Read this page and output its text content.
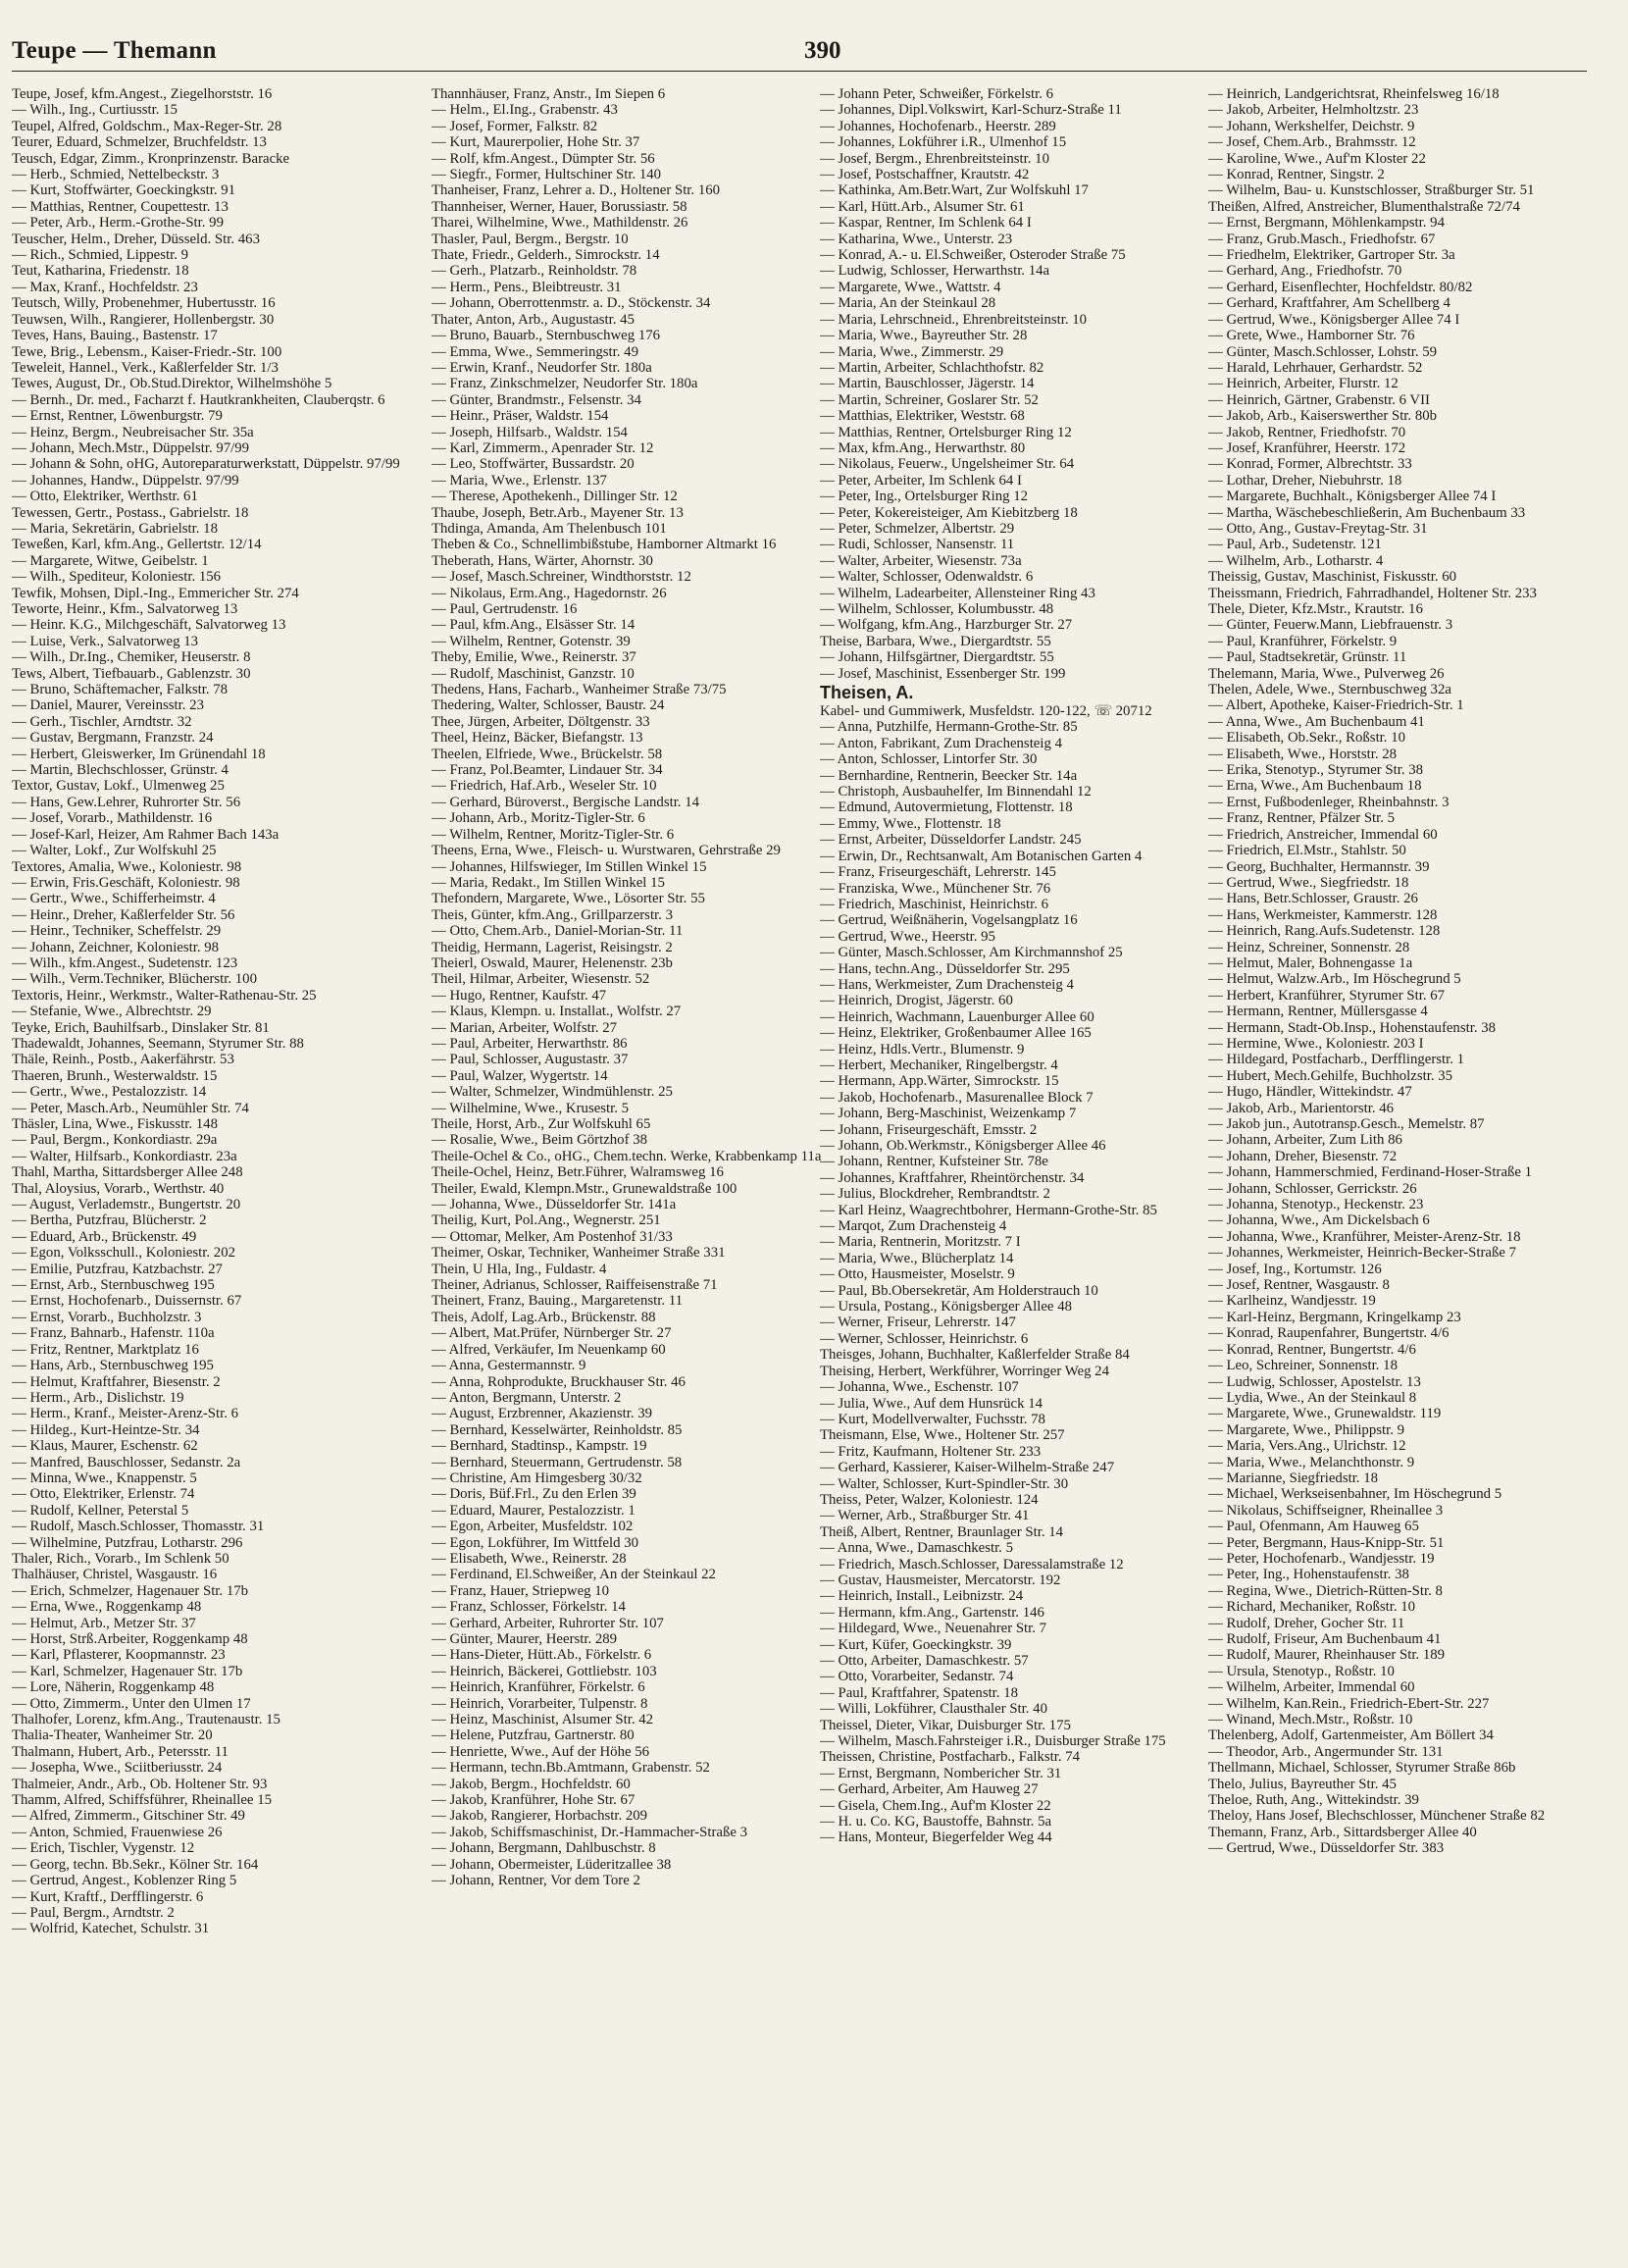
Teupe — Themann	390
Teupe, Josef, kfm.Angest., Ziegelhorststr. 16
— Wilh., Ing., Curtiusstr. 15
Teupel, Alfred, Goldschm., Max-Reger-Str. 28
Teurer, Eduard, Schmelzer, Bruchfeldstr. 13
Teusch, Edgar, Zimm., Kronprinzenstr. Baracke
— Herb., Schmied, Nettelbeckstr. 3
— Kurt, Stoffwärter, Goeckingkstr. 91
— Matthias, Rentner, Coupettestr. 13
— Peter, Arb., Herm.-Grothe-Str. 99
Teuscher, Helm., Dreher, Düsseld. Str. 463
— Rich., Schmied, Lippestr. 9
Teut, Katharina, Friedenstr. 18
— Max, Kranf., Hochfeldstr. 23
Teutsch, Willy, Probenehmer, Hubertusstr. 16
Teuwsen, Wilh., Rangierer, Hollenbergstr. 30
Teves, Hans, Bauing., Bastenstr. 17
Tewe, Brig., Lebensm., Kaiser-Friedr.-Str. 100
Teweleit, Hannel., Verk., Kaßlerfelder Str. 1/3
Tewes, August, Dr., Ob.Stud.Direktor, Wilhelmshöhe 5
— Bernh., Dr. med., Facharzt f. Hautkrankheiten, Clauberqstr. 6
— Ernst, Rentner, Löwenburgstr. 79
— Heinz, Bergm., Neubreisacher Str. 35a
— Johann, Mech.Mstr., Düppelstr. 97/99
— Johann & Sohn, oHG, Autoreparaturwerkstatt, Düppelstr. 97/99
— Johannes, Handw., Düppelstr. 97/99
— Otto, Elektriker, Werthstr. 61
Tewessen, Gertr., Postass., Gabrielstr. 18
— Maria, Sekretärin, Gabrielstr. 18
Teweßen, Karl, kfm.Ang., Gellertstr. 12/14
— Margarete, Witwe, Geibelstr. 1
— Wilh., Spediteur, Koloniestr. 156
Tewfik, Mohsen, Dipl.-Ing., Emmericher Str. 274
Teworte, Heinr., Kfm., Salvatorweg 13
— Heinr. K.G., Milchgeschäft, Salvatorweg 13
— Luise, Verk., Salvatorweg 13
— Wilh., Dr.Ing., Chemiker, Heuserstr. 8
Tews, Albert, Tiefbauarb., Gablenzstr. 30
— Bruno, Schäftemacher, Falkstr. 78
— Daniel, Maurer, Vereinsstr. 23
— Gerh., Tischler, Arndtstr. 32
— Gustav, Bergmann, Franzstr. 24
— Herbert, Gleiswerker, Im Grünendahl 18
— Martin, Blechschlosser, Grünstr. 4
Textor, Gustav, Lokf., Ulmenweg 25
— Hans, Gew.Lehrer, Ruhrorter Str. 56
— Josef, Vorarb., Mathildenstr. 16
— Josef-Karl, Heizer, Am Rahmer Bach 143a
— Walter, Lokf., Zur Wolfskuhl 25
Textores, Amalia, Wwe., Koloniestr. 98
— Erwin, Fris.Geschäft, Koloniestr. 98
— Gertr., Wwe., Schifferheimstr. 4
— Heinr., Dreher, Kaßlerfelder Str. 56
— Heinr., Techniker, Scheffelstr. 29
— Johann, Zeichner, Koloniestr. 98
— Wilh., kfm.Angest., Sudetenstr. 123
— Wilh., Verm.Techniker, Blücherstr. 100
Textoris, Heinr., Werkmstr., Walter-Rathenau-Str. 25
— Stefanie, Wwe., Albrechtstr. 29
Teyke, Erich, Bauhilfsarb., Dinslaker Str. 81
Thadewaldt, Johannes, Seemann, Styrumer Str. 88
Thäle, Reinh., Postb., Aakerfährstr. 53
Thaeren, Brunh., Westerwaldstr. 15
— Gertr., Wwe., Pestalozzistr. 14
— Peter, Masch.Arb., Neumühler Str. 74
Thäsler, Lina, Wwe., Fiskusstr. 148
— Paul, Bergm., Konkordiastr. 29a
— Walter, Hilfsarb., Konkordiastr. 23a
Thahl, Martha, Sittardsberger Allee 248
Thal, Aloysius, Vorarb., Werthstr. 40
— August, Verlademstr., Bungertstr. 20
— Bertha, Putzfrau, Blücherstr. 2
— Eduard, Arb., Brückenstr. 49
— Egon, Volksschull., Koloniestr. 202
— Emilie, Putzfrau, Katzbachstr. 27
— Ernst, Arb., Sternbuschweg 195
— Ernst, Hochofenarb., Duissernstr. 67
— Ernst, Vorarb., Buchholzstr. 3
— Franz, Bahnarb., Hafenstr. 110a
— Fritz, Rentner, Marktplatz 16
— Hans, Arb., Sternbuschweg 195
— Helmut, Kraftfahrer, Biesenstr. 2
— Herm., Arb., Dislichstr. 19
— Herm., Kranf., Meister-Arenz-Str. 6
— Hildeg., Kurt-Heintze-Str. 34
— Klaus, Maurer, Eschenstr. 62
— Manfred, Bauschlosser, Sedanstr. 2a
— Minna, Wwe., Knappenstr. 5
— Otto, Elektriker, Erlenstr. 74
— Rudolf, Kellner, Peterstal 5
— Rudolf, Masch.Schlosser, Thomasstr. 31
— Wilhelmine, Putzfrau, Lotharstr. 296
Thaler, Rich., Vorarb., Im Schlenk 50
Thalhäuser, Christel, Wasgaustr. 16
— Erich, Schmelzer, Hagenauer Str. 17b
— Erna, Wwe., Roggenkamp 48
— Helmut, Arb., Metzer Str. 37
— Horst, Strß.Arbeiter, Roggenkamp 48
— Karl, Pflasterer, Koopmannstr. 23
— Karl, Schmelzer, Hagenauer Str. 17b
— Lore, Näherin, Roggenkamp 48
— Otto, Zimmerm., Unter den Ulmen 17
Thalhofer, Lorenz, kfm.Ang., Trautenaustr. 15
Thalia-Theater, Wanheimer Str. 20
Thalmann, Hubert, Arb., Petersstr. 11
— Josepha, Wwe., Sciitberiusstr. 24
Thalmeier, Andr., Arb., Ob. Holtener Str. 93
Thamm, Alfred, Schiffsführer, Rheinallee 15
— Alfred, Zimmerm., Gitschiner Str. 49
— Anton, Schmied, Frauenwiese 26
— Erich, Tischler, Vygenstr. 12
— Georg, techn. Bb.Sekr., Kölner Str. 164
— Gertrud, Angest., Koblenzer Ring 5
— Kurt, Kraftf., Derfflingerstr. 6
— Paul, Bergm., Arndtstr. 2
— Wolfrid, Katechet, Schulstr. 31
Thannhäuser, Franz, Anstr., Im Siepen 6
— Helm., El.Ing., Grabenstr. 43
— Josef, Former, Falkstr. 82
— Kurt, Maurerpolier, Hohe Str. 37
— Rolf, kfm.Angest., Dümpter Str. 56
— Siegfr., Former, Hultschiner Str. 140
Thanheiser, Franz, Lehrer a. D., Holtener Str. 160
Thannheiser, Werner, Hauer, Borussiastr. 58
Tharei, Wilhelmine, Wwe., Mathildenstr. 26
Thasler, Paul, Bergm., Bergstr. 10
Thate, Friedr., Gelderh., Simrockstr. 14
— Gerh., Platzarb., Reinholdstr. 78
— Herm., Pens., Bleibtreustr. 31
— Johann, Oberrottenmstr. a. D., Stöckenstr. 34
Thater, Anton, Arb., Augustastr. 45
— Bruno, Bauarb., Sternbuschweg 176
— Emma, Wwe., Semmeringstr. 49
— Erwin, Kranf., Neudorfer Str. 180a
— Franz, Zinkschmelzer, Neudorfer Str. 180a
— Günter, Brandmstr., Felsenstr. 34
— Heinr., Präser, Waldstr. 154
— Joseph, Hilfsarb., Waldstr. 154
— Karl, Zimmerm., Apenrader Str. 12
— Leo, Stoffwärter, Bussardstr. 20
— Maria, Wwe., Erlenstr. 137
— Therese, Apothekenh., Dillinger Str. 12
Thaube, Joseph, Betr.Arb., Mayener Str. 13
Thdinga, Amanda, Am Thelenbusch 101
Theben & Co., Schnellimbißstube, Hamborner Altmarkt 16
Theberath, Hans, Wärter, Ahornstr. 30
— Josef, Masch.Schreiner, Windthorststr. 12
— Nikolaus, Erm.Ang., Hagedornstr. 26
— Paul, Gertrudenstr. 16
— Paul, kfm.Ang., Elsässer Str. 14
— Wilhelm, Rentner, Gotenstr. 39
Theby, Emilie, Wwe., Reinerstr. 37
— Rudolf, Maschinist, Ganzstr. 10
Thedens, Hans, Facharb., Wanheimer Straße 73/75
Thedering, Walter, Schlosser, Baustr. 24
Thee, Jürgen, Arbeiter, Döltgenstr. 33
Theel, Heinz, Bäcker, Biefangstr. 13
Theelen, Elfriede, Wwe., Brückelstr. 58
— Franz, Pol.Beamter, Lindauer Str. 34
— Friedrich, Haf.Arb., Weseler Str. 10
— Gerhard, Büroverst., Bergische Landstr. 14
— Johann, Arb., Moritz-Tigler-Str. 6
— Wilhelm, Rentner, Moritz-Tigler-Str. 6
Theens, Erna, Wwe., Fleisch- u. Wurstwaren, Gehrstraße 29
— Johannes, Hilfswieger, Im Stillen Winkel 15
— Maria, Redakt., Im Stillen Winkel 15
Thefondern, Margarete, Wwe., Lösorter Str. 55
Theis, Günter, kfm.Ang., Grillparzerstr. 3
— Otto, Chem.Arb., Daniel-Morian-Str. 11
Theidig, Hermann, Lagerist, Reisingstr. 2
Theierl, Oswald, Maurer, Helenenstr. 23b
Theil, Hilmar, Arbeiter, Wiesenstr. 52
— Hugo, Rentner, Kaufstr. 47
— Klaus, Klempn. u. Installat., Wolfstr. 27
— Marian, Arbeiter, Wolfstr. 27
— Paul, Arbeiter, Herwarthstr. 86
— Paul, Schlosser, Augustastr. 37
— Paul, Walzer, Wygertstr. 14
— Walter, Schmelzer, Windmühlenstr. 25
— Wilhelmine, Wwe., Krusestr. 5
Theile, Horst, Arb., Zur Wolfskuhl 65
— Rosalie, Wwe., Beim Görtzhof 38
Theile-Ochel & Co., oHG., Chem.techn. Werke, Krabbenkamp 11a
Theile-Ochel, Heinz, Betr.Führer, Walramsweg 16
Theiler, Ewald, Klempn.Mstr., Grunewaldstraße 100
— Johanna, Wwe., Düsseldorfer Str. 141a
Theilig, Kurt, Pol.Ang., Wegnerstr. 251
— Ottomar, Melker, Am Postenhof 31/33
Theimer, Oskar, Techniker, Wanheimer Straße 331
Thein, U Hla, Ing., Fuldastr. 4
Theiner, Adrianus, Schlosser, Raiffeisenstraße 71
Theinert, Franz, Bauing., Margaretenstr. 11
Theis, Adolf, Lag.Arb., Brückenstr. 88
— Albert, Mat.Prüfer, Nürnberger Str. 27
— Alfred, Verkäufer, Im Neuenkamp 60
— Anna, Gestermannstr. 9
— Anna, Rohprodukte, Bruckhauser Str. 46
— Anton, Bergmann, Unterstr. 2
— August, Erzbrenner, Akazienstr. 39
— Bernhard, Kesselwärter, Reinholdstr. 85
— Bernhard, Stadtinsp., Kampstr. 19
— Bernhard, Steuermann, Gertrudenstr. 58
— Christine, Am Himgesberg 30/32
— Doris, Büf.Frl., Zu den Erlen 39
— Eduard, Maurer, Pestalozzistr. 1
— Egon, Arbeiter, Musfeldstr. 102
— Egon, Lokführer, Im Wittfeld 30
— Elisabeth, Wwe., Reinerstr. 28
— Ferdinand, El.Schweißer, An der Steinkaul 22
— Franz, Hauer, Striepweg 10
— Franz, Schlosser, Förkelstr. 14
— Gerhard, Arbeiter, Ruhrorter Str. 107
— Günter, Maurer, Heerstr. 289
— Hans-Dieter, Hütt.Ab., Förkelstr. 6
— Heinrich, Bäckerei, Gottliebstr. 103
— Heinrich, Kranführer, Förkelstr. 6
— Heinrich, Vorarbeiter, Tulpenstr. 8
— Heinz, Maschinist, Alsumer Str. 42
— Helene, Putzfrau, Gartnerstr. 80
— Henriette, Wwe., Auf der Höhe 56
— Hermann, techn.Bb.Amtmann, Grabenstr. 52
— Jakob, Bergm., Hochfeldstr. 60
— Jakob, Kranführer, Hohe Str. 67
— Jakob, Rangierer, Horbachstr. 209
— Jakob, Schiffsmaschinist, Dr.-Hammacher-Straße 3
— Johann, Bergmann, Dahlbuschstr. 8
— Johann, Obermeister, Lüderitzallee 38
— Johann, Rentner, Vor dem Tore 2
— Johann Peter, Schweißer, Förkelstr. 6
— Johannes, Dipl.Volkswirt, Karl-Schurz-Straße 11
— Johannes, Hochofenarb., Heerstr. 289
— Johannes, Lokführer i.R., Ulmenhof 15
— Josef, Bergm., Ehrenbreitsteinstr. 10
— Josef, Postschaffner, Krautstr. 42
— Kathinka, Am.Betr.Wart, Zur Wolfskuhl 17
— Karl, Hütt.Arb., Alsumer Str. 61
— Kaspar, Rentner, Im Schlenk 64 I
— Katharina, Wwe., Unterstr. 23
— Konrad, A.- u. El.Schweißer, Osteroder Straße 75
— Ludwig, Schlosser, Herwarthstr. 14a
— Margarete, Wwe., Wattstr. 4
— Maria, An der Steinkaul 28
— Maria, Lehrschneid., Ehrenbreitsteinstr. 10
— Maria, Wwe., Bayreuther Str. 28
— Maria, Wwe., Zimmerstr. 29
— Martin, Arbeiter, Schlachthofstr. 82
— Martin, Bauschlosser, Jägerstr. 14
— Martin, Schreiner, Goslarer Str. 52
— Matthias, Elektriker, Weststr. 68
— Matthias, Rentner, Ortelsburger Ring 12
— Max, kfm.Ang., Herwarthstr. 80
— Nikolaus, Feuerw., Ungelsheimer Str. 64
— Peter, Arbeiter, Im Schlenk 64 I
— Peter, Ing., Ortelsburger Ring 12
— Peter, Kokereisteiger, Am Kiebitzberg 18
— Peter, Schmelzer, Albertstr. 29
— Rudi, Schlosser, Nansenstr. 11
— Walter, Arbeiter, Wiesenstr. 73a
— Walter, Schlosser, Odenwaldstr. 6
— Wilhelm, Ladearbeiter, Allensteiner Ring 43
— Wilhelm, Schlosser, Kolumbusstr. 48
— Wolfgang, kfm.Ang., Harzburger Str. 27
Theise, Barbara, Wwe., Diergardtstr. 55
— Johann, Hilfsgärtner, Diergardtstr. 55
— Josef, Maschinist, Essenberger Str. 199
Theisen, A.
Kabel- und Gummiwerk, Musfeldstr. 120-122, ☏ 20712
— Anna, Putzhilfe, Hermann-Grothe-Str. 85
— Anton, Fabrikant, Zum Drachensteig 4
— Anton, Schlosser, Lintorfer Str. 30
— Bernhardine, Rentnerin, Beecker Str. 14a
— Christoph, Ausbauhelfer, Im Binnendahl 12
— Edmund, Autovermietung, Flottenstr. 18
— Emmy, Wwe., Flottenstr. 18
— Ernst, Arbeiter, Düsseldorfer Landstr. 245
— Erwin, Dr., Rechtsanwalt, Am Botanischen Garten 4
— Franz, Friseurgeschäft, Lehrerstr. 145
— Franziska, Wwe., Münchener Str. 76
— Friedrich, Maschinist, Heinrichstr. 6
— Gertrud, Weißnäherin, Vogelsangplatz 16
— Gertrud, Wwe., Heerstr. 95
— Günter, Masch.Schlosser, Am Kirchmannshof 25
— Hans, techn.Ang., Düsseldorfer Str. 295
— Hans, Werkmeister, Zum Drachensteig 4
— Heinrich, Drogist, Jägerstr. 60
— Heinrich, Wachmann, Lauenburger Allee 60
— Heinz, Elektriker, Großenbaumer Allee 165
— Heinz, Hdls.Vertr., Blumenstr. 9
— Herbert, Mechaniker, Ringelbergstr. 4
— Hermann, App.Wärter, Simrockstr. 15
— Jakob, Hochofenarb., Masurenallee Block 7
— Johann, Berg-Maschinist, Weizenkamp 7
— Johann, Friseurgeschäft, Emsstr. 2
— Johann, Ob.Werkmstr., Königsberger Allee 46
— Johann, Rentner, Kufsteiner Str. 78e
— Johannes, Kraftfahrer, Rheintörchenstr. 34
— Julius, Blockdreher, Rembrandtstr. 2
— Karl Heinz, Waagrechtbohrer, Hermann-Grothe-Str. 85
— Marqot, Zum Drachensteig 4
— Maria, Rentnerin, Moritzstr. 7 I
— Maria, Wwe., Blücherplatz 14
— Otto, Hausmeister, Moselstr. 9
— Paul, Bb.Obersekretär, Am Holderstrauch 10
— Ursula, Postang., Königsberger Allee 48
— Werner, Friseur, Lehrerstr. 147
— Werner, Schlosser, Heinrichstr. 6
Theisges, Johann, Buchhalter, Kaßlerfelder Straße 84
Theising, Herbert, Werkführer, Worringer Weg 24
— Johanna, Wwe., Eschenstr. 107
— Julia, Wwe., Auf dem Hunsrück 14
— Kurt, Modellverwalter, Fuchsstr. 78
Theismann, Else, Wwe., Holtener Str. 257
— Fritz, Kaufmann, Holtener Str. 233
— Gerhard, Kassierer, Kaiser-Wilhelm-Straße 247
— Walter, Schlosser, Kurt-Spindler-Str. 30
Theiss, Peter, Walzer, Koloniestr. 124
— Werner, Arb., Straßburger Str. 41
Theiß, Albert, Rentner, Braunlager Str. 14
— Anna, Wwe., Damaschkestr. 5
— Friedrich, Masch.Schlosser, Daressalamstraße 12
— Gustav, Hausmeister, Mercatorstr. 192
— Heinrich, Install., Leibnizstr. 24
— Hermann, kfm.Ang., Gartenstr. 146
— Hildegard, Wwe., Neuenahrer Str. 7
— Kurt, Küfer, Goeckingkstr. 39
— Otto, Arbeiter, Damaschkestr. 57
— Otto, Vorarbeiter, Sedanstr. 74
— Paul, Kraftfahrer, Spatenstr. 18
— Willi, Lokführer, Clausthaler Str. 40
Theissel, Dieter, Vikar, Duisburger Str. 175
— Wilhelm, Masch.Fahrsteiger i.R., Duisburger Straße 175
Theissen, Christine, Postfacharb., Falkstr. 74
— Ernst, Bergmann, Nombericher Str. 31
— Gerhard, Arbeiter, Am Hauweg 27
— Gisela, Chem.Ing., Auf'm Kloster 22
— H. u. Co. KG, Baustoffe, Bahnstr. 5a
— Hans, Monteur, Biegerfelder Weg 44
— Heinrich, Landgerichtsrat, Rheinfelsweg 16/18
— Jakob, Arbeiter, Helmholtzstr. 23
— Johann, Werkshelfer, Deichstr. 9
— Josef, Chem.Arb., Brahmsstr. 12
— Karoline, Wwe., Auf'm Kloster 22
— Konrad, Rentner, Singstr. 2
— Wilhelm, Bau- u. Kunstschlosser, Straßburger Str. 51
Theißen, Alfred, Anstreicher, Blumenthalstraße 72/74
— Ernst, Bergmann, Möhlenkampstr. 94
— Franz, Grub.Masch., Friedhofstr. 67
— Friedhelm, Elektriker, Gartroper Str. 3a
— Gerhard, Ang., Friedhofstr. 70
— Gerhard, Eisenflechter, Hochfeldstr. 80/82
— Gerhard, Kraftfahrer, Am Schellberg 4
— Gertrud, Wwe., Königsberger Allee 74 I
— Grete, Wwe., Hamborner Str. 76
— Günter, Masch.Schlosser, Lohstr. 59
— Harald, Lehrhauer, Gerhardstr. 52
— Heinrich, Arbeiter, Flurstr. 12
— Heinrich, Gärtner, Grabenstr. 6 VII
— Jakob, Arb., Kaiserswerther Str. 80b
— Jakob, Rentner, Friedhofstr. 70
— Josef, Kranführer, Heerstr. 172
— Konrad, Former, Albrechtstr. 33
— Lothar, Dreher, Niebuhrstr. 18
— Margarete, Buchhalt., Königsberger Allee 74 I
— Martha, Wäschebeschließerin, Am Buchenbaum 33
— Otto, Ang., Gustav-Freytag-Str. 31
— Paul, Arb., Sudetenstr. 121
— Wilhelm, Arb., Lotharstr. 4
Theissig, Gustav, Maschinist, Fiskusstr. 60
Theissmann, Friedrich, Fahrradhandel, Holtener Str. 233
Thele, Dieter, Kfz.Mstr., Krautstr. 16
— Günter, Feuerw.Mann, Liebfrauenstr. 3
— Paul, Kranführer, Förkelstr. 9
— Paul, Stadtsekretär, Grünstr. 11
Thelemann, Maria, Wwe., Pulverweg 26
Thelen, Adele, Wwe., Sternbuschweg 32a
— Albert, Apotheke, Kaiser-Friedrich-Str. 1
— Anna, Wwe., Am Buchenbaum 41
— Elisabeth, Ob.Sekr., Roßstr. 10
— Elisabeth, Wwe., Horststr. 28
— Erika, Stenotyp., Styrumer Str. 38
— Erna, Wwe., Am Buchenbaum 18
— Ernst, Fußbodenleger, Rheinbahnstr. 3
— Franz, Rentner, Pfälzer Str. 5
— Friedrich, Anstreicher, Immendal 60
— Friedrich, El.Mstr., Stahlstr. 50
— Georg, Buchhalter, Hermannstr. 39
— Gertrud, Wwe., Siegfriedstr. 18
— Hans, Betr.Schlosser, Graustr. 26
— Hans, Werkmeister, Kammerstr. 128
— Heinrich, Rang.Aufs.Sudetenstr. 128
— Heinz, Schreiner, Sonnenstr. 28
— Helmut, Maler, Bohnengasse 1a
— Helmut, Walzw.Arb., Im Höschegrund 5
— Herbert, Kranführer, Styrumer Str. 67
— Hermann, Rentner, Müllersgasse 4
— Hermann, Stadt-Ob.Insp., Hohenstaufenstr. 38
— Hermine, Wwe., Koloniestr. 203 I
— Hildegard, Postfacharb., Derfflingerstr. 1
— Hubert, Mech.Gehilfe, Buchholzstr. 35
— Hugo, Händler, Wittekindstr. 47
— Jakob, Arb., Marientorstr. 46
— Jakob jun., Autotransp.Gesch., Memelstr. 87
— Johann, Arbeiter, Zum Lith 86
— Johann, Dreher, Biesenstr. 72
— Johann, Hammerschmied, Ferdinand-Hoser-Straße 1
— Johann, Schlosser, Gerrickstr. 26
— Johanna, Stenotyp., Heckenstr. 23
— Johanna, Wwe., Am Dickelsbach 6
— Johanna, Wwe., Kranführer, Meister-Arenz-Str. 18
— Johannes, Werkmeister, Heinrich-Becker-Straße 7
— Josef, Ing., Kortumstr. 126
— Josef, Rentner, Wasgaustr. 8
— Karlheinz, Wandjesstr. 19
— Karl-Heinz, Bergmann, Kringelkamp 23
— Konrad, Raupenfahrer, Bungertstr. 4/6
— Konrad, Rentner, Bungertstr. 4/6
— Leo, Schreiner, Sonnenstr. 18
— Ludwig, Schlosser, Apostelstr. 13
— Lydia, Wwe., An der Steinkaul 8
— Margarete, Wwe., Grunewaldstr. 119
— Margarete, Wwe., Philippstr. 9
— Maria, Vers.Ang., Ulrichstr. 12
— Maria, Wwe., Melanchthonstr. 9
— Marianne, Siegfriedstr. 18
— Michael, Werkseisenbahner, Im Höschegrund 5
— Nikolaus, Schiffseigner, Rheinallee 3
— Paul, Ofenmann, Am Hauweg 65
— Peter, Bergmann, Haus-Knipp-Str. 51
— Peter, Hochofenarb., Wandjesstr. 19
— Peter, Ing., Hohenstaufenstr. 38
— Regina, Wwe., Dietrich-Rütten-Str. 8
— Richard, Mechaniker, Roßstr. 10
— Rudolf, Dreher, Gocher Str. 11
— Rudolf, Friseur, Am Buchenbaum 41
— Rudolf, Maurer, Rheinhauser Str. 189
— Ursula, Stenotyp., Roßstr. 10
— Wilhelm, Arbeiter, Immendal 60
— Wilhelm, Kan.Rein., Friedrich-Ebert-Str. 227
— Winand, Mech.Mstr., Roßstr. 10
Thelenberg, Adolf, Gartenmeister, Am Böllert 34
— Theodor, Arb., Angermunder Str. 131
Thellmann, Michael, Schlosser, Styrumer Straße 86b
Thelo, Julius, Bayreuther Str. 45
Theloe, Ruth, Ang., Wittekindstr. 39
Theloy, Hans Josef, Blechschlosser, Münchener Straße 82
Themann, Franz, Arb., Sittardsberger Allee 40
— Gertrud, Wwe., Düsseldorfer Str. 383
